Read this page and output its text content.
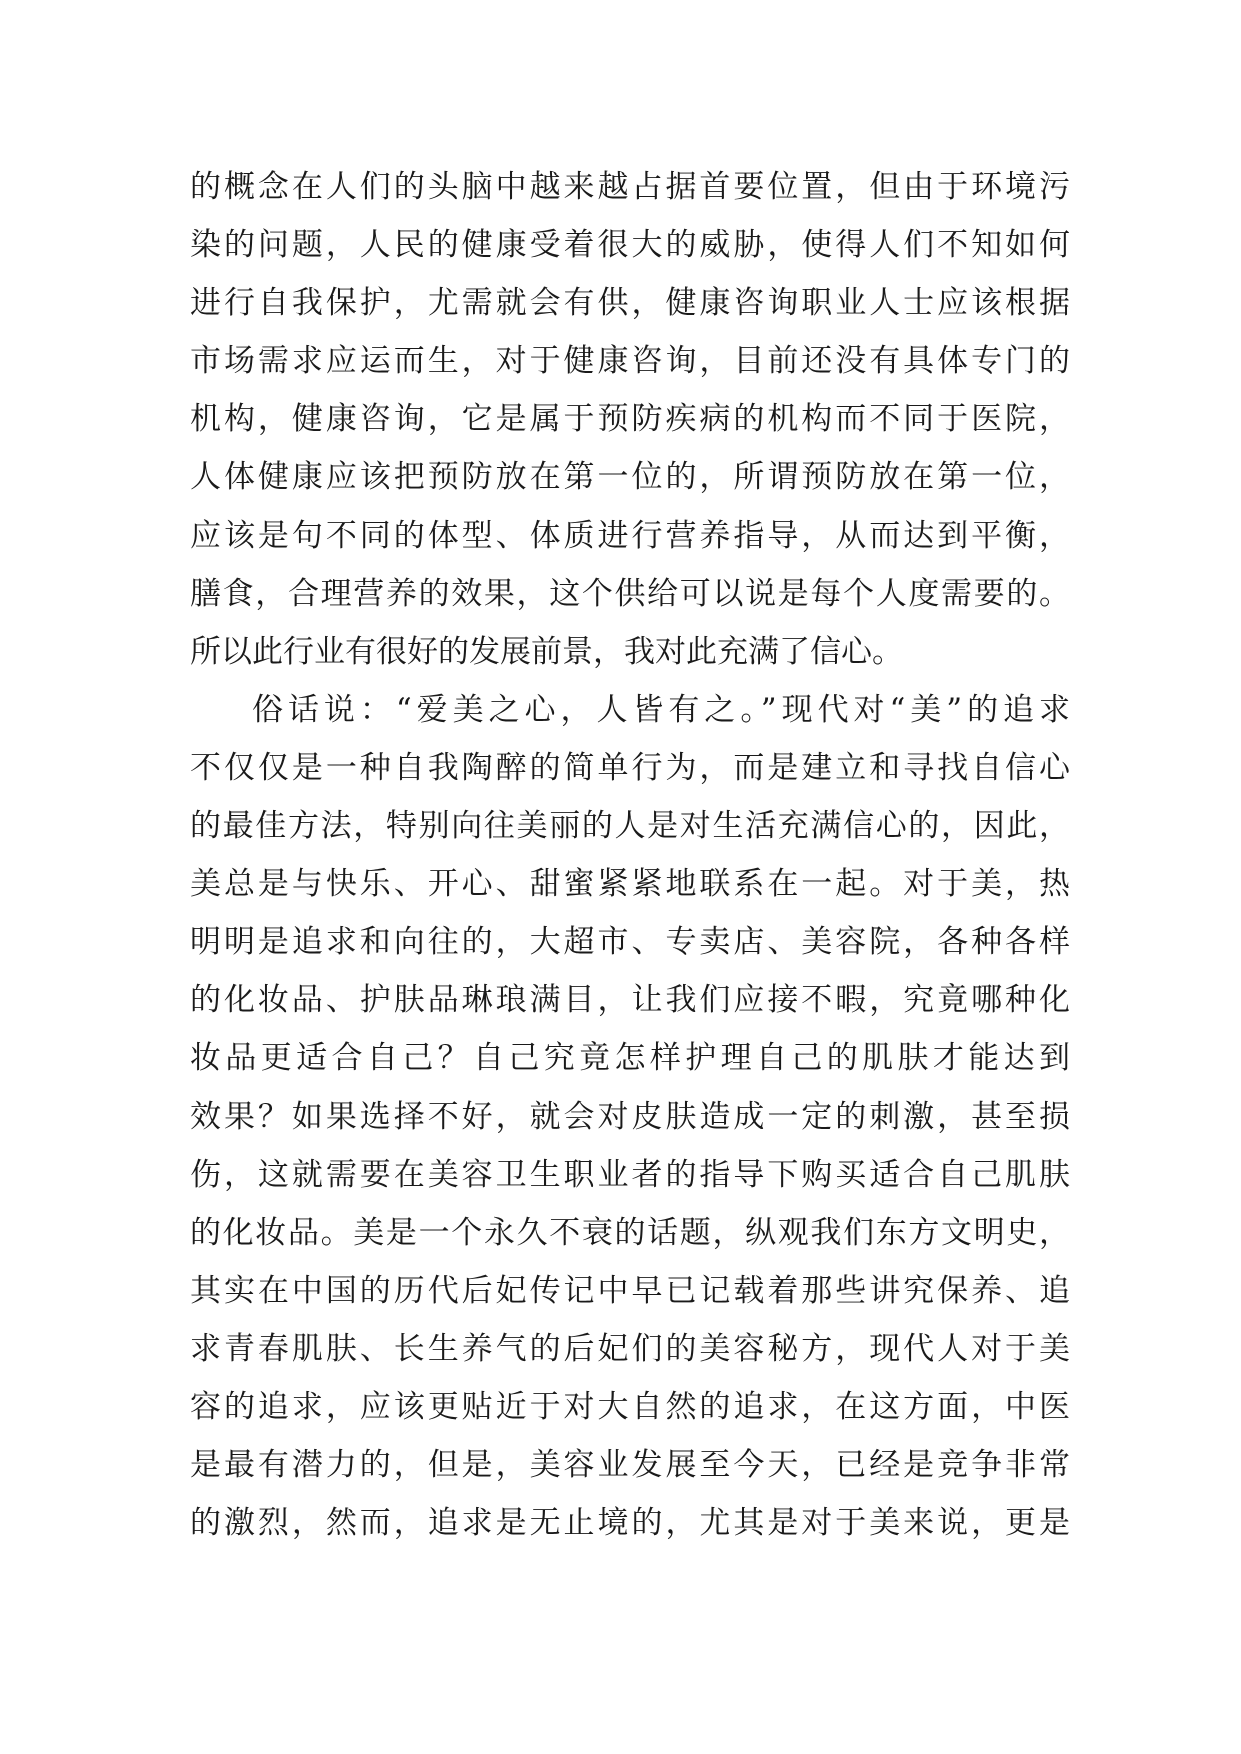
的概念在人们的头脑中越来越占据首要位置，但由于环境污
染的问题，人民的健康受着很大的威胁，使得人们不知如何
进行自我保护，尤需就会有供，健康咨询职业人士应该根据
市场需求应运而生，对于健康咨询，目前还没有具体专门的
机构，健康咨询，它是属于预防疾病的机构而不同于医院，
人体健康应该把预防放在第一位的，所谓预防放在第一位，
应该是句不同的体型、体质进行营养指导，从而达到平衡，
膳食，合理营养的效果，这个供给可以说是每个人度需要的。
所以此行业有很好的发展前景，我对此充满了信心。
俗话说：“爱美之心，人皆有之。”现代对“美”的追求
不仅仅是一种自我陶醉的简单行为，而是建立和寻找自信心
的最佳方法，特别向往美丽的人是对生活充满信心的，因此，
美总是与快乐、开心、甜蜜紧紧地联系在一起。对于美，热
明明是追求和向往的，大超市、专卖店、美容院，各种各样
的化妆品、护肤品琳琅满目，让我们应接不暇，究竟哪种化
妆品更适合自己？自己究竟怎样护理自己的肌肤才能达到
效果？如果选择不好，就会对皮肤造成一定的刺激，甚至损
伤，这就需要在美容卫生职业者的指导下购买适合自己肌肤
的化妆品。美是一个永久不衰的话题，纵观我们东方文明史，
其实在中国的历代后妃传记中早已记载着那些讲究保养、追
求青春肌肤、长生养气的后妃们的美容秘方，现代人对于美
容的追求，应该更贴近于对大自然的追求，在这方面，中医
是最有潜力的，但是，美容业发展至今天，已经是竞争非常
的激烈，然而，追求是无止境的，尤其是对于美来说，更是
